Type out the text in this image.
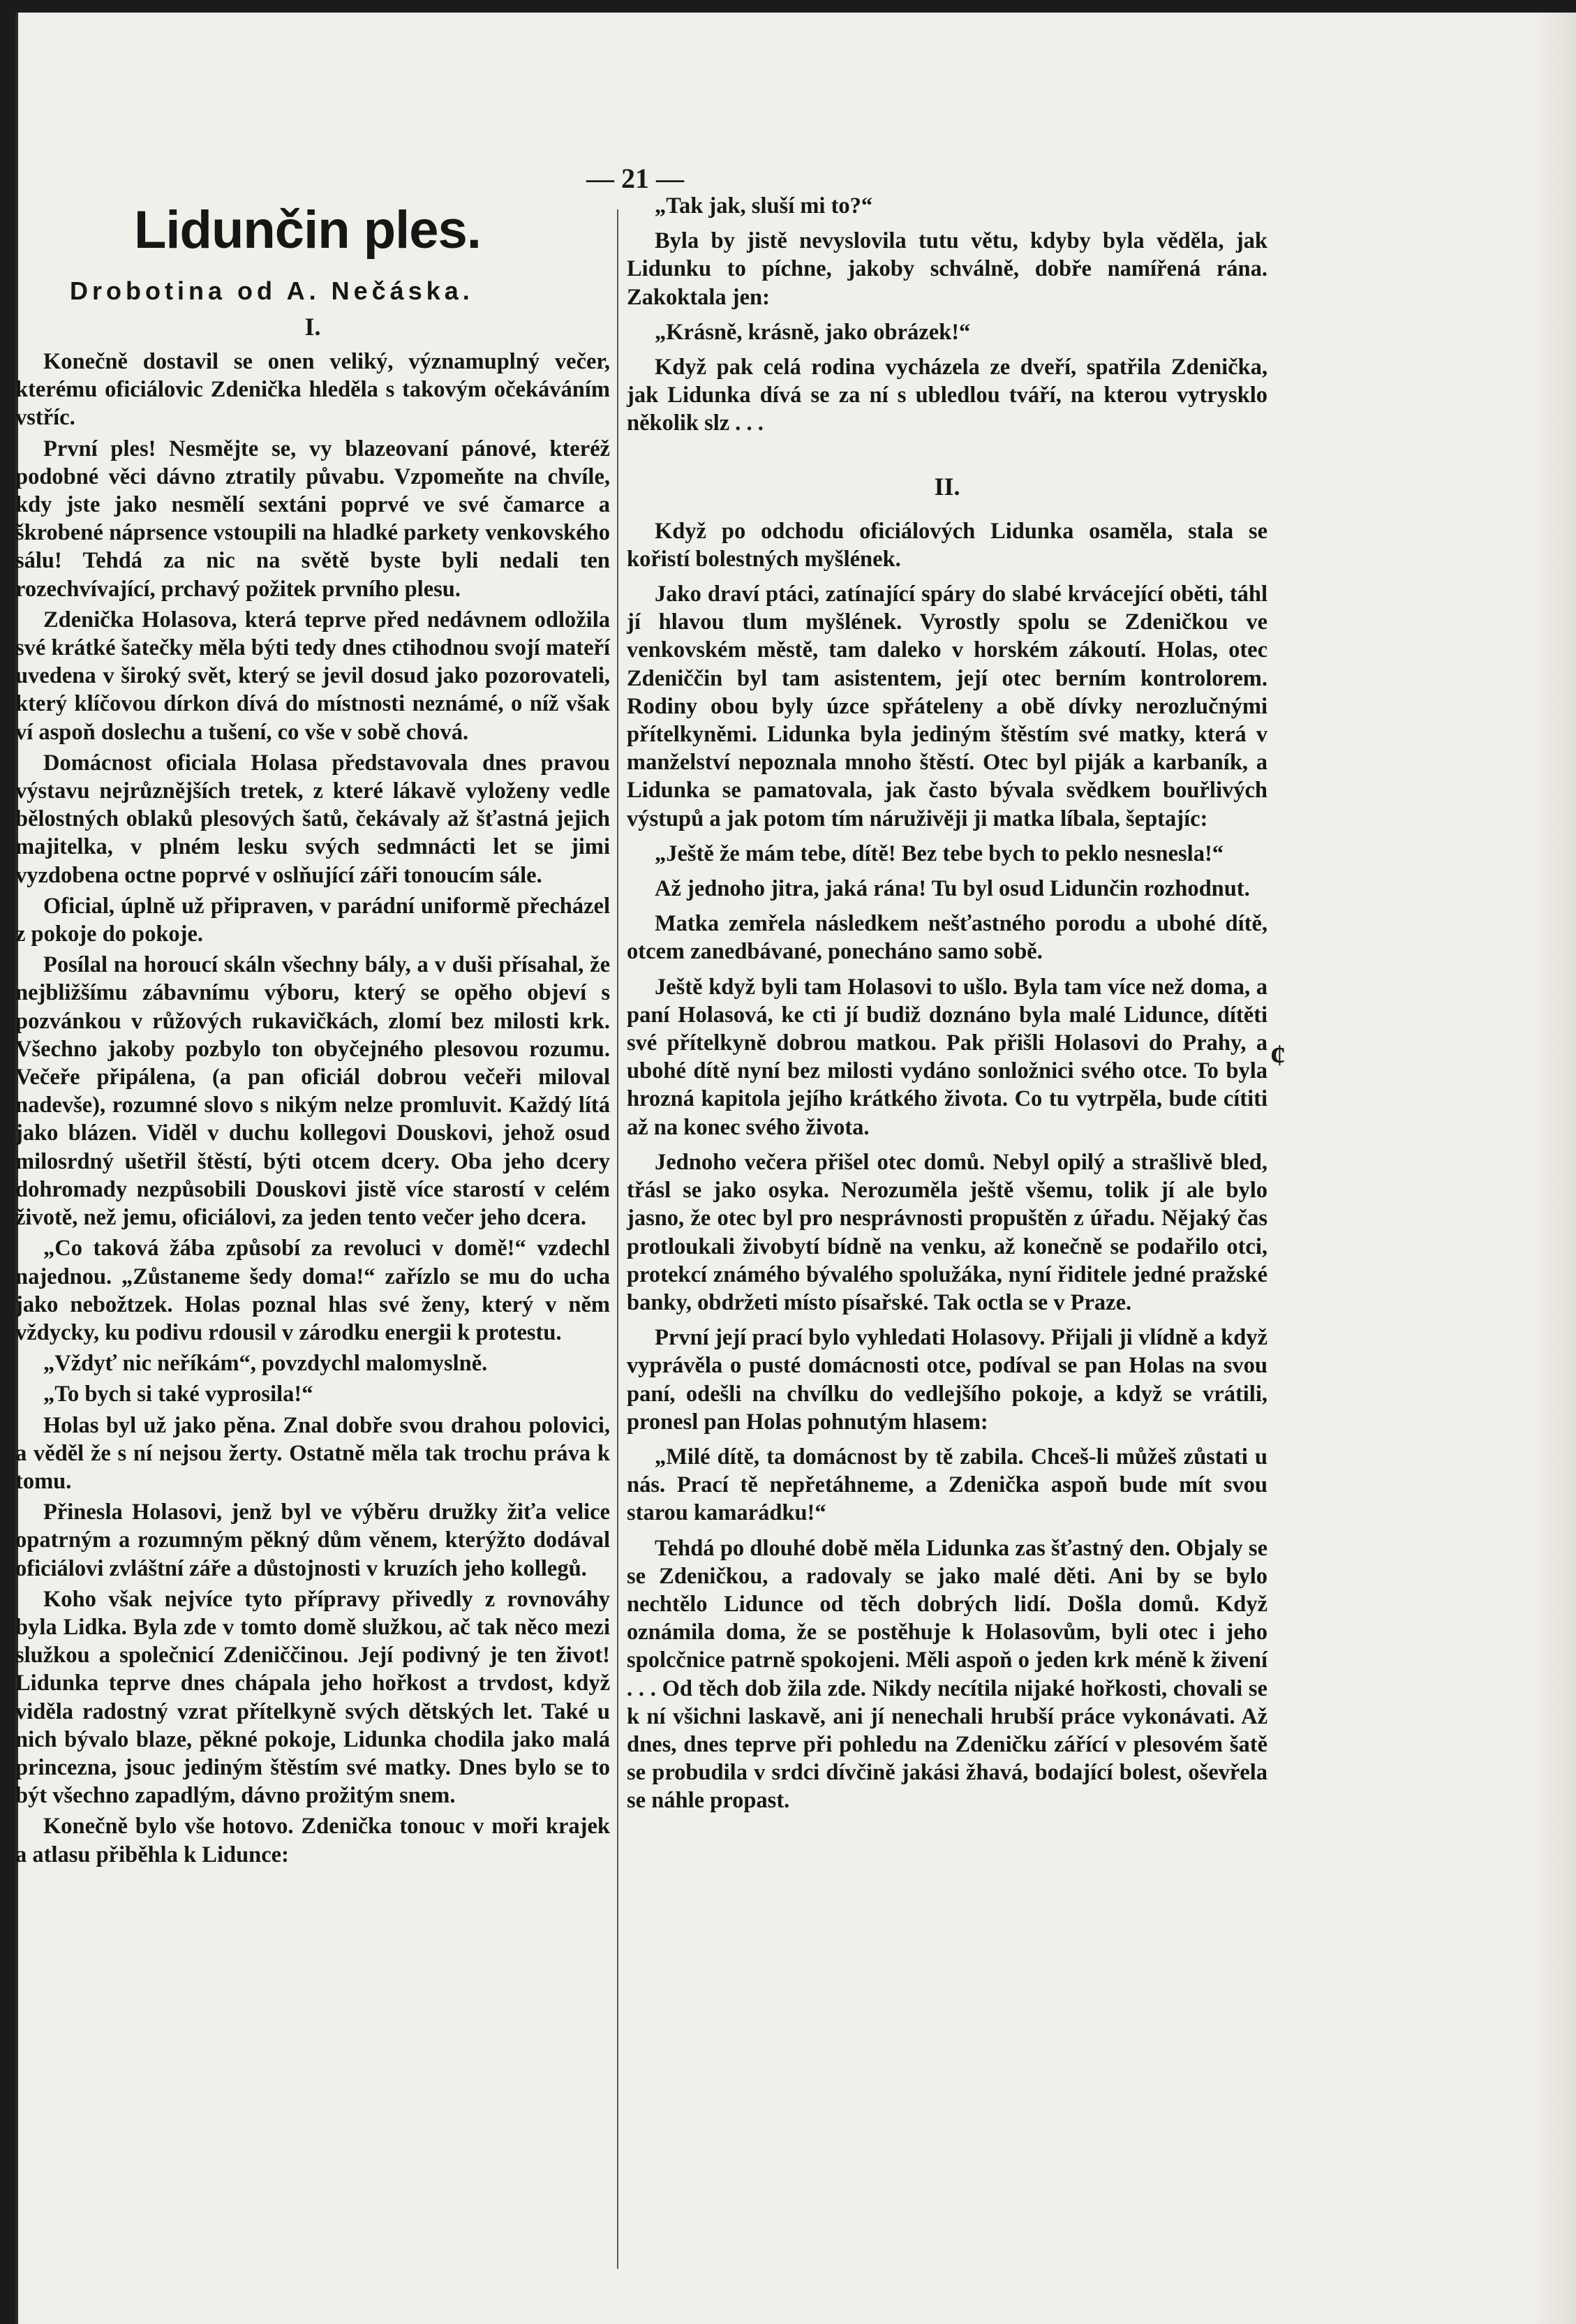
— 21 —
Lidunčin ples.
Drobotina od A. Nečáska.
I.

Konečně dostavil se onen veliký, významuplný večer, kterému oficiálovic Zdenička hleděla s takovým očekáváním vstříc.

První ples! Nesmějte se, vy blazeovaní pánové, kteréž podobné věci dávno ztratily půvabu. Vzpomeňte na chvíle, kdy jste jako nesmělí sextáni poprvé ve své čamarce a škrobené náprsence vstoupili na hladké parkety venkovského sálu! Tehdá za nic na světě byste byli nedali ten rozechvívající, prchavý požitek prvního plesu.

Zdenička Holasova, která teprve před nedávnem odložila své krátké šatečky měla býti tedy dnes ctihodnou svojí mateří uvedena v široký svět, který se jevil dosud jako pozorovateli, který klíčovou dírkon dívá do místnosti neznámé, o níž však ví aspoň doslechu a tušení, co vše v sobě chová.

Domácnost oficiala Holasa představovala dnes pravou výstavu nejrůznějších tretek, z které lákavě vyloženy vedle bělostných oblaků plesových šatů, čekávaly až šťastná jejich majitelka, v plném lesku svých sedmnácti let se jimi vyzdobena octne poprvé v oslňující záři tonoucím sále.

Oficial, úplně už připraven, v parádní uniformě přecházel z pokoje do pokoje.

Posílal na horoucí skáln všechny bály, a v duši přísahal, že nejbližšímu zábavnímu výboru, který se opěho objeví s pozvánkou v růžových rukavičkách, zlomí bez milosti krk. Všechno jakoby pozbylo ton obyčejného plesovou rozumu. Večeře připálena, (a pan oficiál dobrou večeři miloval nadevše), rozumné slovo s nikým nelze promluvit. Každý lítá jako blázen. Viděl v duchu kollegovi Douskovi, jehož osud milosrdný ušetřil štěstí, býti otcem dcery. Oba jeho dcery dohromady nezpůsobili Douskovi jistě více starostí v celém životě, než jemu, oficiálovi, za jeden tento večer jeho dcera.

„Co taková žába způsobí za revoluci v domě!“ vzdechl najednou. „Zůstaneme šedy doma!“ zařízlo se mu do ucha jako nebožtzek. Holas poznal hlas své ženy, který v něm vždycky, ku podivu rdousil v zárodku energii k protestu.

„Vždyť nic neříkám“, povzdychl malomyslně.

„To bych si také vyprosila!“

Holas byl už jako pěna. Znal dobře svou drahou polovici, a věděl že s ní nejsou žerty. Ostatně měla tak trochu práva k tomu.

Přinesla Holasovi, jenž byl ve výběru družky žiťa velice opatrným a rozumným pěkný dům věnem, kterýžto dodával oficiálovi zvláštní záře a důstojnosti v kruzích jeho kollegů.

Koho však nejvíce tyto přípravy přivedly z rovnováhy byla Lidka. Byla zde v tomto domě služkou, ač tak něco mezi služkou a společnicí Zdeniččinou. Její podivný je ten život! Lidunka teprve dnes chápala jeho hořkost a trvdost, když viděla radostný vzrat přítelkyně svých dětských let. Také u nich bývalo blaze, pěkné pokoje, Lidunka chodila jako malá princezna, jsouc jediným štěstím své matky. Dnes bylo se to být všechno zapadlým, dávno prožitým snem.

Konečně bylo vše hotovo. Zdenička tonouc v moři krajek a atlasu přiběhla k Lidunce:

„Tak jak, sluší mi to?“

Byla by jistě nevyslovila tutu větu, kdyby byla věděla, jak Lidunku to píchne, jakoby schválně, dobře namířená rána. Zakoktala jen:

„Krásně, krásně, jako obrázek!“

Když pak celá rodina vycházela ze dveří, spatřila Zdenička, jak Lidunka dívá se za ní s ubledlou tváří, na kterou vytrysklo několik slz . . .

II.

Když po odchodu oficiálových Lidunka osaměla, stala se kořistí bolestných myšlének.

Jako draví ptáci, zatínající spáry do slabé krvácející oběti, táhl jí hlavou tlum myšlének. Vyrostly spolu se Zdeničkou ve venkovském městě, tam daleko v horském zákoutí. Holas, otec Zdeniččin byl tam asistentem, její otec berním kontrolorem. Rodiny obou byly úzce spřáteleny a obě dívky nerozlučnými přítelkyněmi. Lidunka byla jediným štěstím své matky, která v manželství nepoznala mnoho štěstí. Otec byl piják a karbaník, a Lidunka se pamatovala, jak často bývala svědkem bouřlivých výstupů a jak potom tím náruživěji ji matka líbala, šeptajíc:

„Ještě že mám tebe, dítě! Bez tebe bych to peklo nesnesla!“

Až jednoho jitra, jaká rána! Tu byl osud Lidunčin rozhodnut.

Matka zemřela následkem nešťastného porodu a ubohé dítě, otcem zanedbávané, ponecháno samo sobě.

Ještě když byli tam Holasovi to ušlo. Byla tam více než doma, a paní Holasová, ke cti jí budiž doznáno byla malé Lidunce, dítěti své přítelkyně dobrou matkou. Pak přišli Holasovi do Prahy, a ubohé dítě nyní bez milosti vydáno sonložnici svého otce. To byla hrozná kapitola jejího krátkého života. Co tu vytrpěla, bude cítiti až na konec svého života.

Jednoho večera přišel otec domů. Nebyl opilý a strašlivě bled, třásl se jako osyka. Nerozuměla ještě všemu, tolik jí ale bylo jasno, že otec byl pro nesprávnosti propuštěn z úřadu. Nějaký čas protloukali živobytí bídně na venku, až konečně se podařilo otci, protekcí známého bývalého spolužáka, nyní řiditele jedné pražské banky, obdržeti místo písařské. Tak octla se v Praze.

První její prací bylo vyhledati Holasovy. Přijali ji vlídně a když vyprávěla o pusté domácnosti otce, podíval se pan Holas na svou paní, odešli na chvílku do vedlejšího pokoje, a když se vrátili, pronesl pan Holas pohnutým hlasem:

„Milé dítě, ta domácnost by tě zabila. Chceš-li můžeš zůstati u nás. Prací tě nepřetáhneme, a Zdenička aspoň bude mít svou starou kamarádku!“

Tehdá po dlouhé době měla Lidunka zas šťastný den. Objaly se se Zdeničkou, a radovaly se jako malé děti. Ani by se bylo nechtělo Lidunce od těch dobrých lidí. Došla domů. Když oznámila doma, že se postěhuje k Holasovům, byli otec i jeho spolcčnice patrně spokojeni. Měli aspoň o jeden krk méně k živení . . . Od těch dob žila zde. Nikdy necítila nijaké hořkosti, chovali se k ní všichni laskavě, ani jí nenechali hrubší práce vykonávati. Až dnes, dnes teprve při pohledu na Zdeničku zářící v plesovém šatě se probudila v srdci dívčině jakási žhavá, bodající bolest, oševřela se náhle propast.

¢
